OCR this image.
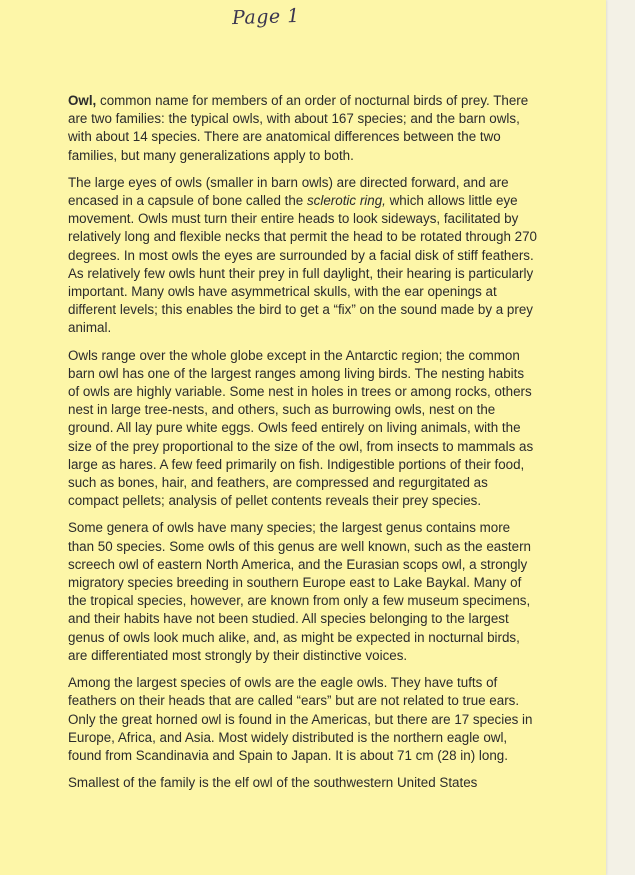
Page 1

Owl, common name for members of an order of nocturnal birds of prey. There are two families: the typical owls, with about 167 species; and the barn owls, with about 14 species. There are anatomical differences between the two families, but many generalizations apply to both.

The large eyes of owls (smaller in barn owls) are directed forward, and are encased in a capsule of bone called the sclerotic ring, which allows little eye movement. Owls must turn their entire heads to look sideways, facilitated by relatively long and flexible necks that permit the head to be rotated through 270 degrees. In most owls the eyes are surrounded by a facial disk of stiff feathers. As relatively few owls hunt their prey in full daylight, their hearing is particularly important. Many owls have asymmetrical skulls, with the ear openings at different levels; this enables the bird to get a “fix” on the sound made by a prey animal.

Owls range over the whole globe except in the Antarctic region; the common barn owl has one of the largest ranges among living birds. The nesting habits of owls are highly variable. Some nest in holes in trees or among rocks, others nest in large tree-nests, and others, such as burrowing owls, nest on the ground. All lay pure white eggs. Owls feed entirely on living animals, with the size of the prey proportional to the size of the owl, from insects to mammals as large as hares. A few feed primarily on fish. Indigestible portions of their food, such as bones, hair, and feathers, are compressed and regurgitated as compact pellets; analysis of pellet contents reveals their prey species.

Some genera of owls have many species; the largest genus contains more than 50 species. Some owls of this genus are well known, such as the eastern screech owl of eastern North America, and the Eurasian scops owl, a strongly migratory species breeding in southern Europe east to Lake Baykal. Many of the tropical species, however, are known from only a few museum specimens, and their habits have not been studied. All species belonging to the largest genus of owls look much alike, and, as might be expected in nocturnal birds, are differentiated most strongly by their distinctive voices.

Among the largest species of owls are the eagle owls. They have tufts of feathers on their heads that are called “ears” but are not related to true ears. Only the great horned owl is found in the Americas, but there are 17 species in Europe, Africa, and Asia. Most widely distributed is the northern eagle owl, found from Scandinavia and Spain to Japan. It is about 71 cm (28 in) long.

Smallest of the family is the elf owl of the southwestern United States
